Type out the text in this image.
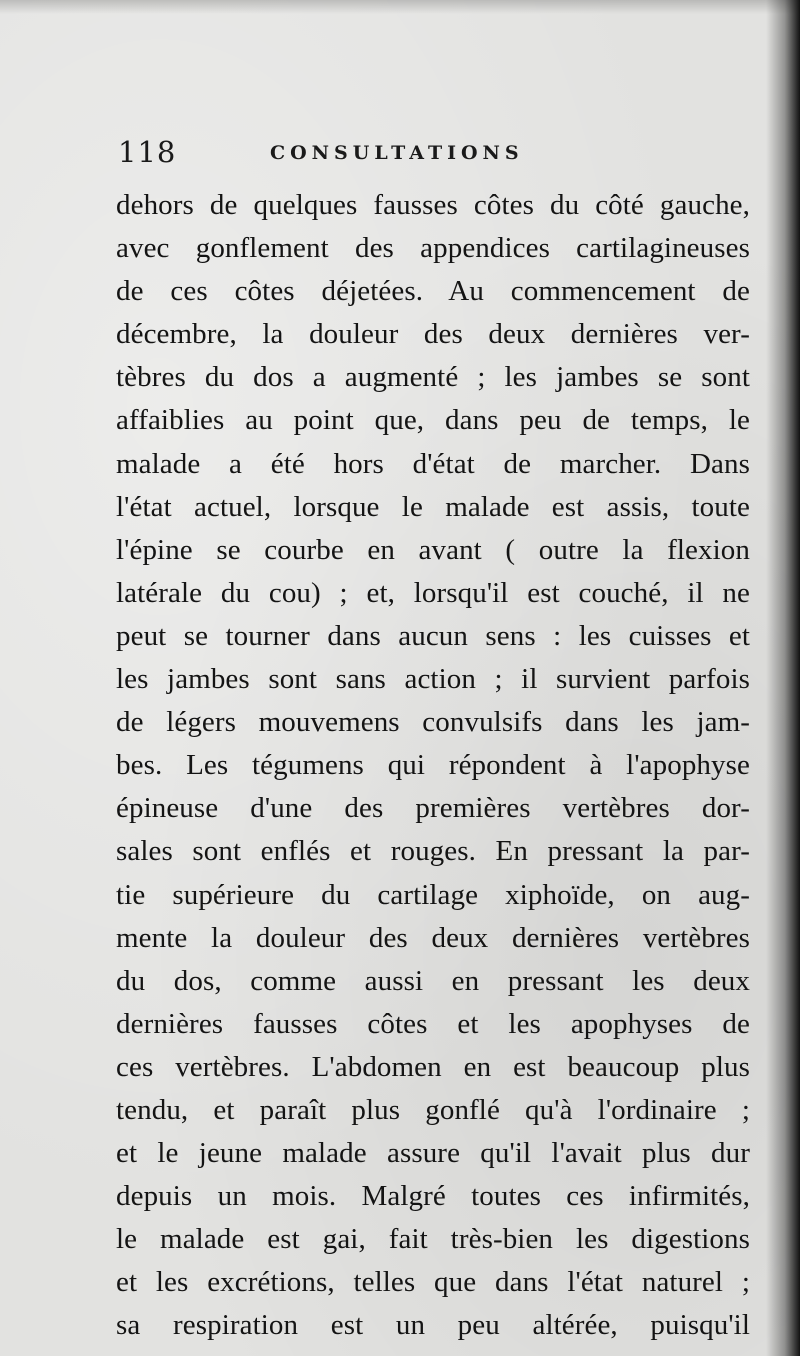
118	CONSULTATIONS
dehors de quelques fausses côtes du côté gauche,
avec gonflement des appendices cartilagineuses
de ces côtes déjetées. Au commencement de
décembre, la douleur des deux dernières ver-
tèbres du dos a augmenté ; les jambes se sont
affaiblies au point que, dans peu de temps, le
malade a été hors d'état de marcher. Dans
l'état actuel, lorsque le malade est assis, toute
l'épine se courbe en avant ( outre la flexion
latérale du cou) ; et, lorsqu'il est couché, il ne
peut se tourner dans aucun sens : les cuisses et
les jambes sont sans action ; il survient parfois
de légers mouvemens convulsifs dans les jam-
bes. Les tégumens qui répondent à l'apophyse
épineuse d'une des premières vertèbres dor-
sales sont enflés et rouges. En pressant la par-
tie supérieure du cartilage xiphoïde, on aug-
mente la douleur des deux dernières vertèbres
du dos, comme aussi en pressant les deux
dernières fausses côtes et les apophyses de
ces vertèbres. L'abdomen en est beaucoup plus
tendu, et paraît plus gonflé qu'à l'ordinaire ;
et le jeune malade assure qu'il l'avait plus dur
depuis un mois. Malgré toutes ces infirmités,
le malade est gai, fait très-bien les digestions
et les excrétions, telles que dans l'état naturel ;
sa respiration est un peu altérée, puisqu'il
